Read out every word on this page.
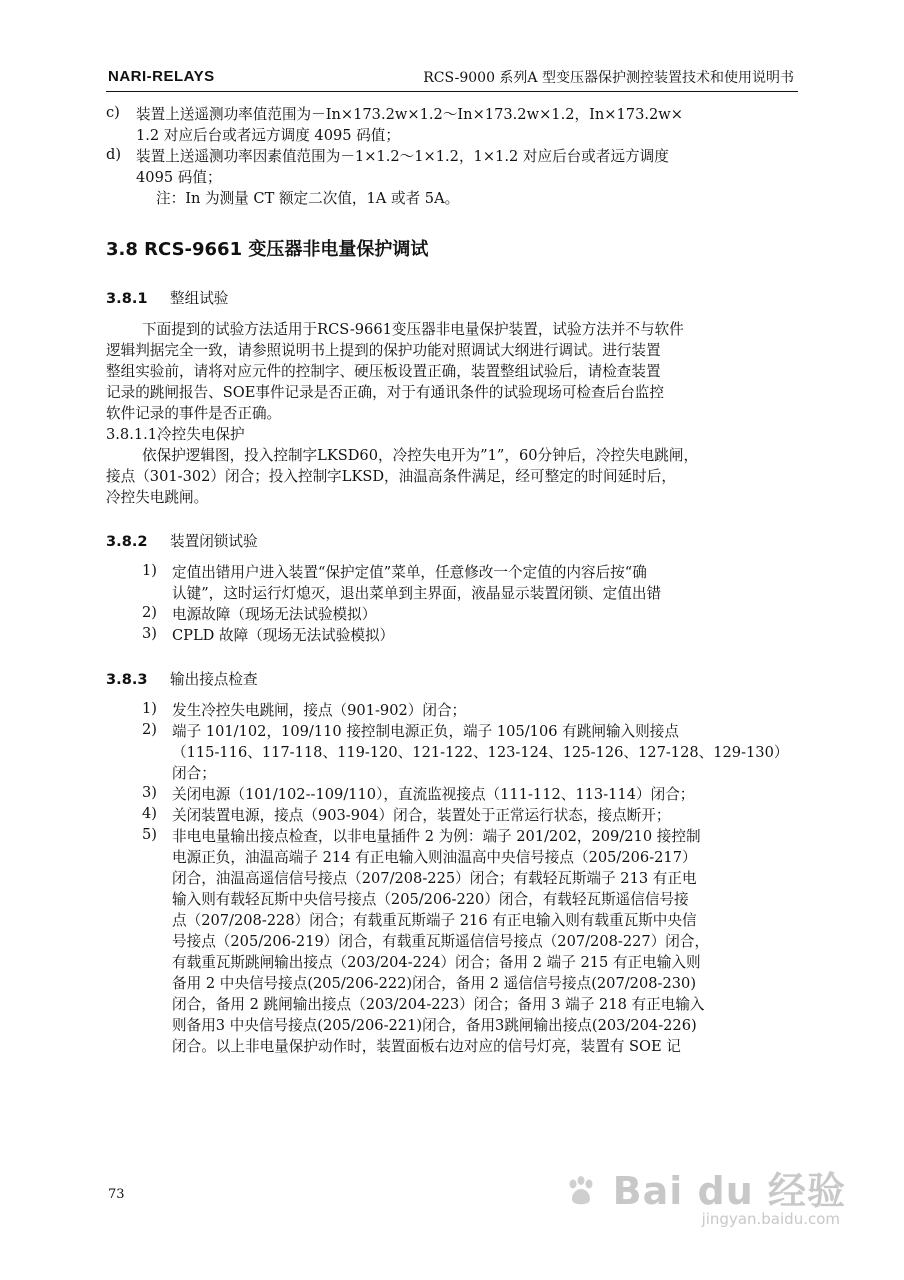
NARI-RELAYS	RCS-9000 系列A 型变压器保护测控装置技术和使用说明书
c)	装置上送遥测功率值范围为－In×173.2w×1.2～In×173.2w×1.2，In×173.2w×
1.2 对应后台或者远方调度 4095 码值；
d)	装置上送遥测功率因素值范围为－1×1.2～1×1.2，1×1.2 对应后台或者远方调度
4095 码值；
注：In 为测量 CT 额定二次值，1A 或者 5A。
3.8 RCS-9661 变压器非电量保护调试
3.8.1 整组试验
下面提到的试验方法适用于RCS-9661变压器非电量保护装置，试验方法并不与软件
逻辑判据完全一致，请参照说明书上提到的保护功能对照调试大纲进行调试。进行装置
整组实验前，请将对应元件的控制字、硬压板设置正确，装置整组试验后，请检查装置
记录的跳闸报告、SOE事件记录是否正确，对于有通讯条件的试验现场可检查后台监控
软件记录的事件是否正确。
3.8.1.1冷控失电保护
依保护逻辑图，投入控制字LKSD60，冷控失电开为”1”，60分钟后，冷控失电跳闸，
接点（301-302）闭合；投入控制字LKSD，油温高条件满足，经可整定的时间延时后，
冷控失电跳闸。
3.8.2 装置闭锁试验
1)	定值出错用户进入装置“保护定值”菜单，任意修改一个定值的内容后按“确
认键”，这时运行灯熄灭，退出菜单到主界面，液晶显示装置闭锁、定值出错
2)	电源故障（现场无法试验模拟）
3)	CPLD 故障（现场无法试验模拟）
3.8.3 输出接点检查
1)	发生冷控失电跳闸，接点（901-902）闭合；
2)	端子 101/102，109/110 接控制电源正负，端子 105/106 有跳闸输入则接点
（115-116、117-118、119-120、121-122、123-124、125-126、127-128、129-130）
闭合；
3)	关闭电源（101/102--109/110），直流监视接点（111-112、113-114）闭合；
4)	关闭装置电源，接点（903-904）闭合，装置处于正常运行状态，接点断开；
5)	非电电量输出接点检查，以非电量插件 2 为例：端子 201/202，209/210 接控制
电源正负，油温高端子 214 有正电输入则油温高中央信号接点（205/206-217）
闭合，油温高遥信信号接点（207/208-225）闭合；有载轻瓦斯端子 213 有正电
输入则有载轻瓦斯中央信号接点（205/206-220）闭合，有载轻瓦斯遥信信号接
点（207/208-228）闭合；有载重瓦斯端子 216 有正电输入则有载重瓦斯中央信
号接点（205/206-219）闭合，有载重瓦斯遥信信号接点（207/208-227）闭合，
有载重瓦斯跳闸输出接点（203/204-224）闭合；备用 2 端子 215 有正电输入则
备用 2 中央信号接点(205/206-222)闭合，备用 2 遥信信号接点(207/208-230)
闭合，备用 2 跳闸输出接点（203/204-223）闭合；备用 3 端子 218 有正电输入
则备用3 中央信号接点(205/206-221)闭合，备用3跳闸输出接点(203/204-226)
闭合。以上非电量保护动作时，装置面板右边对应的信号灯亮，装置有 SOE 记
73	Bai du 经验
jingyan.baidu.com
